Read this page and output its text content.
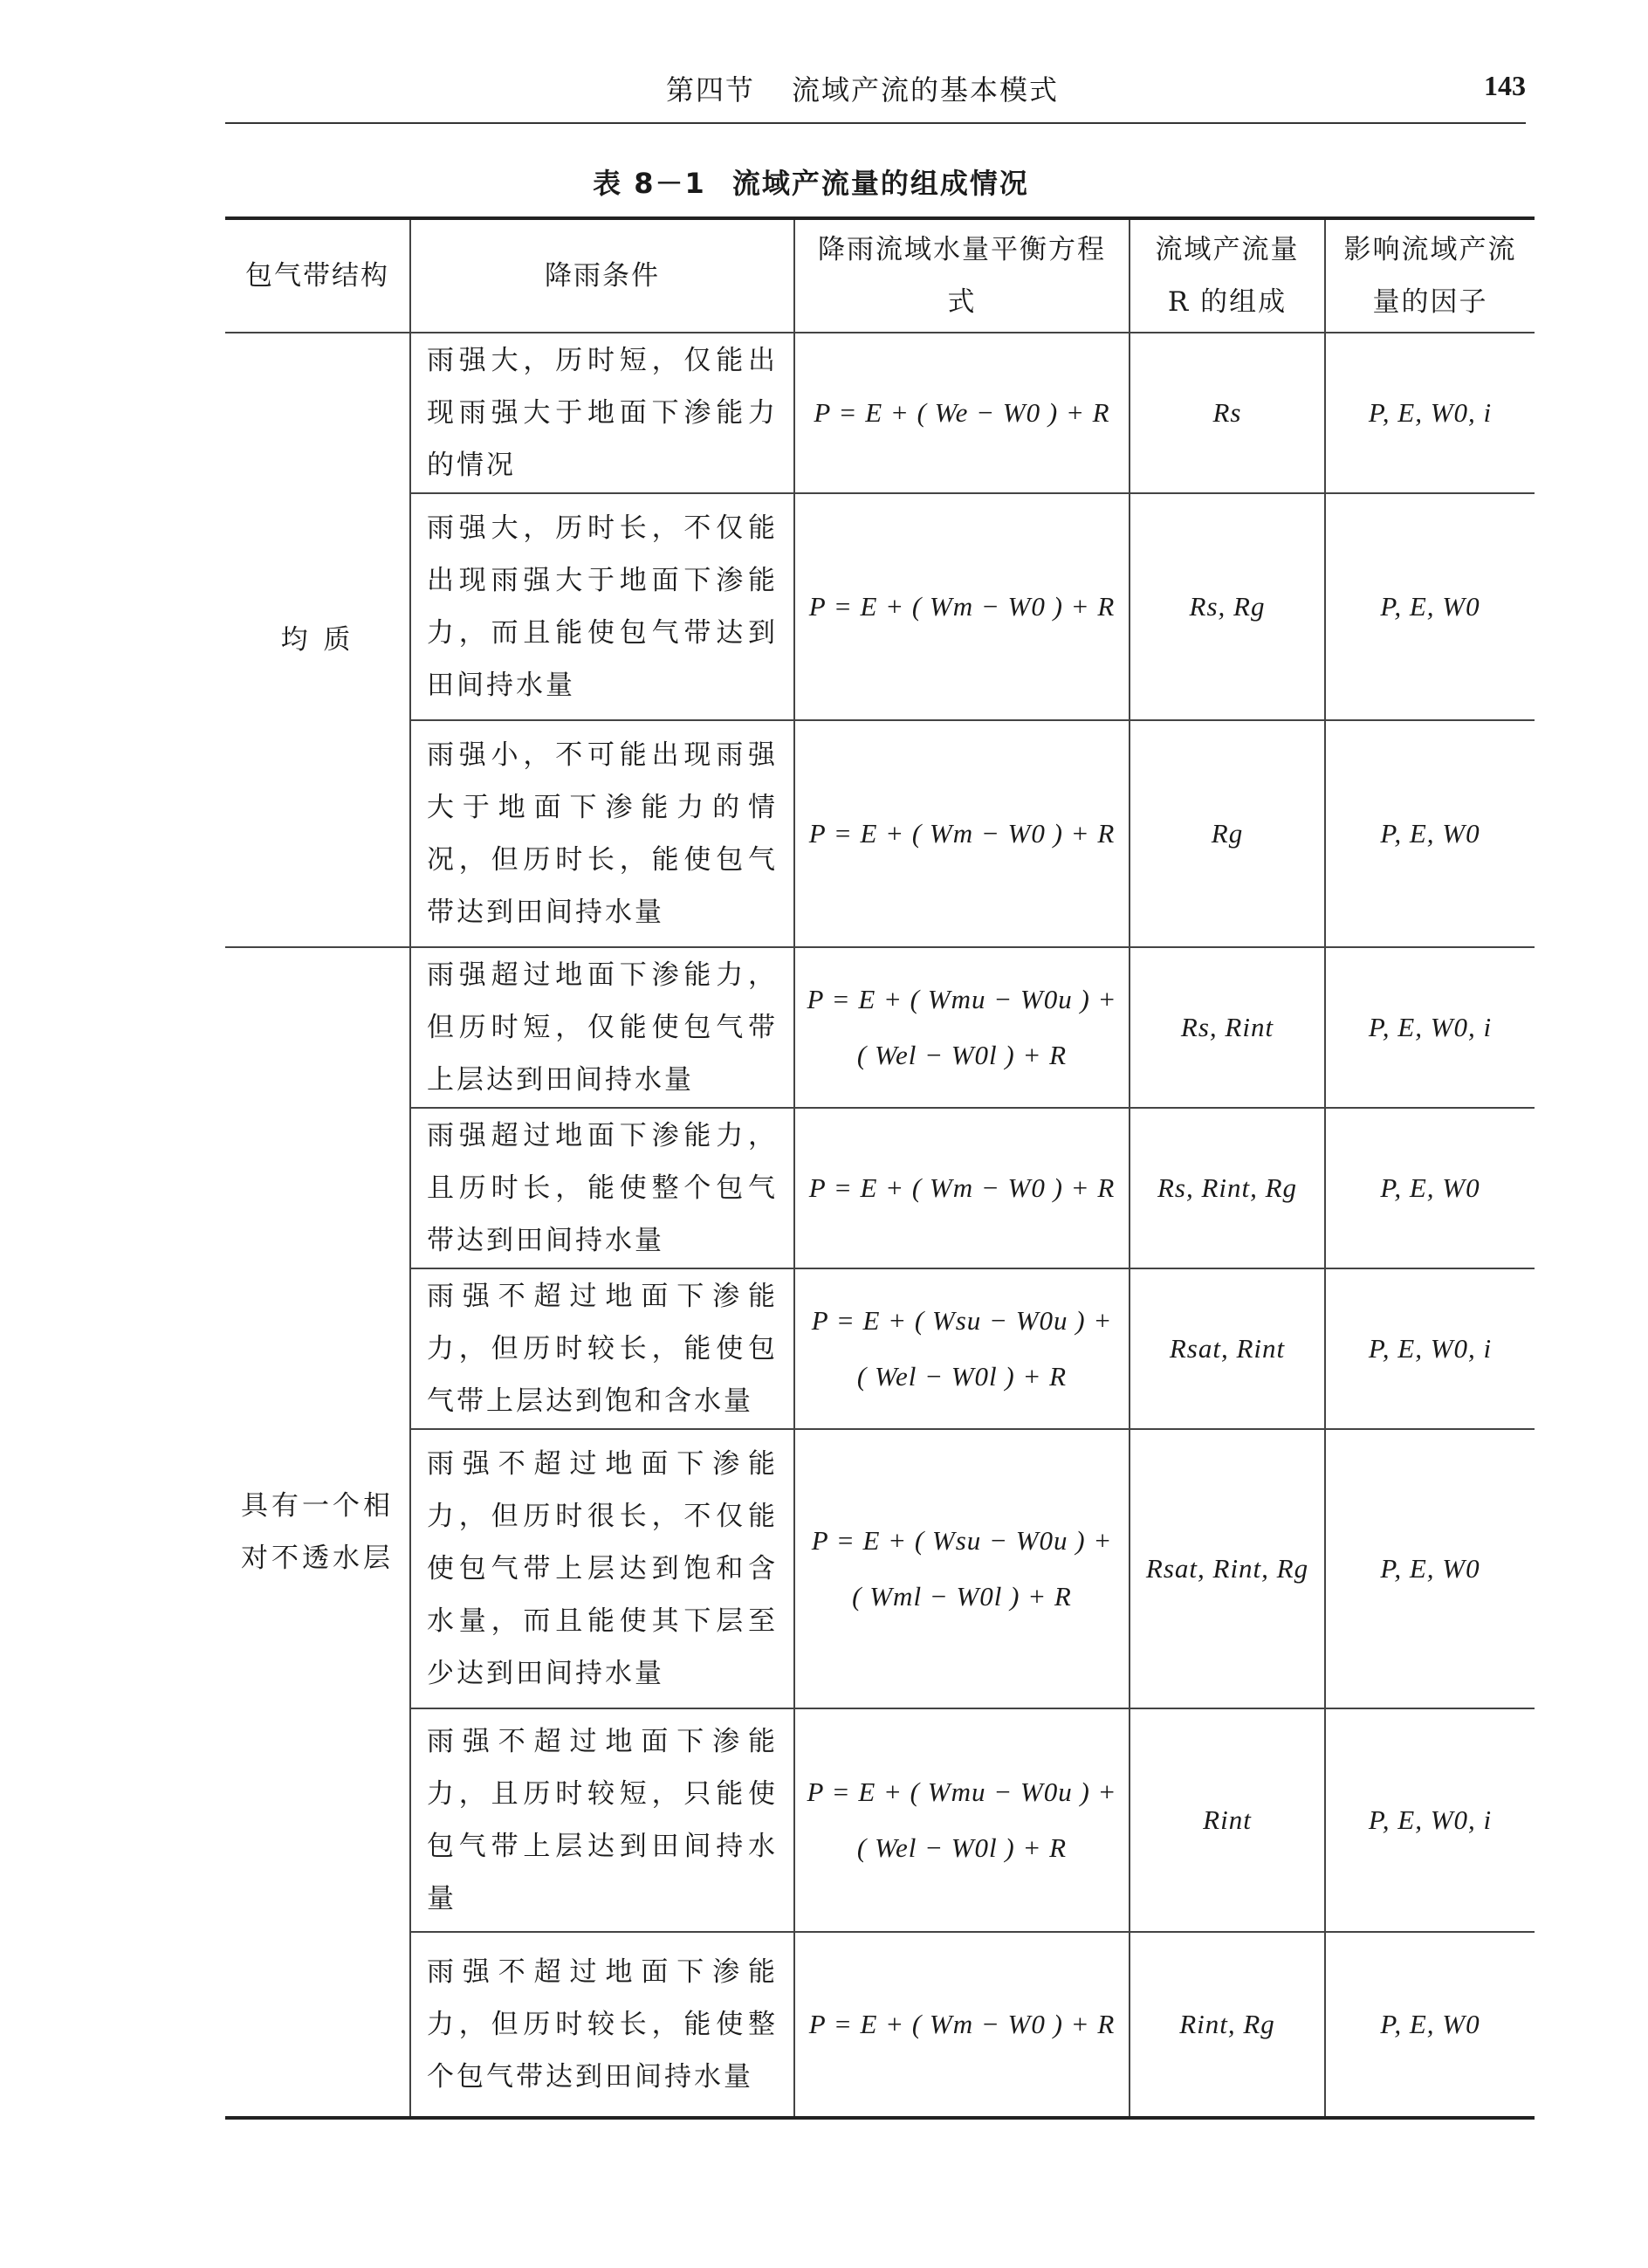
第四节 流域产流的基本模式	143
表 8－1 流域产流量的组成情况
包气带结构	降雨条件	降雨流域水量平衡方程式	流域产流量 R 的组成	影响流域产流量的因子
均 质	雨强大，历时短，仅能出现雨强大于地面下渗能力的情况	P = E + ( We − W0 ) + R	Rs	P, E, W0, i
	雨强大，历时长，不仅能出现雨强大于地面下渗能力，而且能使包气带达到田间持水量	P = E + ( Wm − W0 ) + R	Rs, Rg	P, E, W0
	雨强小，不可能出现雨强大于地面下渗能力的情况，但历时长，能使包气带达到田间持水量	P = E + ( Wm − W0 ) + R	Rg	P, E, W0
具有一个相对不透水层	雨强超过地面下渗能力，但历时短，仅能使包气带上层达到田间持水量	P = E + ( Wmu − W0u ) + ( Wel − W0l ) + R	Rs, Rint	P, E, W0, i
	雨强超过地面下渗能力，且历时长，能使整个包气带达到田间持水量	P = E + ( Wm − W0 ) + R	Rs, Rint, Rg	P, E, W0
	雨强不超过地面下渗能力，但历时较长，能使包气带上层达到饱和含水量	P = E + ( Wsu − W0u ) + ( Wel − W0l ) + R	Rsat, Rint	P, E, W0, i
	雨强不超过地面下渗能力，但历时很长，不仅能使包气带上层达到饱和含水量，而且能使其下层至少达到田间持水量	P = E + ( Wsu − W0u ) + ( Wml − W0l ) + R	Rsat, Rint, Rg	P, E, W0
	雨强不超过地面下渗能力，且历时较短，只能使包气带上层达到田间持水量	P = E + ( Wmu − W0u ) + ( Wel − W0l ) + R	Rint	P, E, W0, i
	雨强不超过地面下渗能力，但历时较长，能使整个包气带达到田间持水量	P = E + ( Wm − W0 ) + R	Rint, Rg	P, E, W0
